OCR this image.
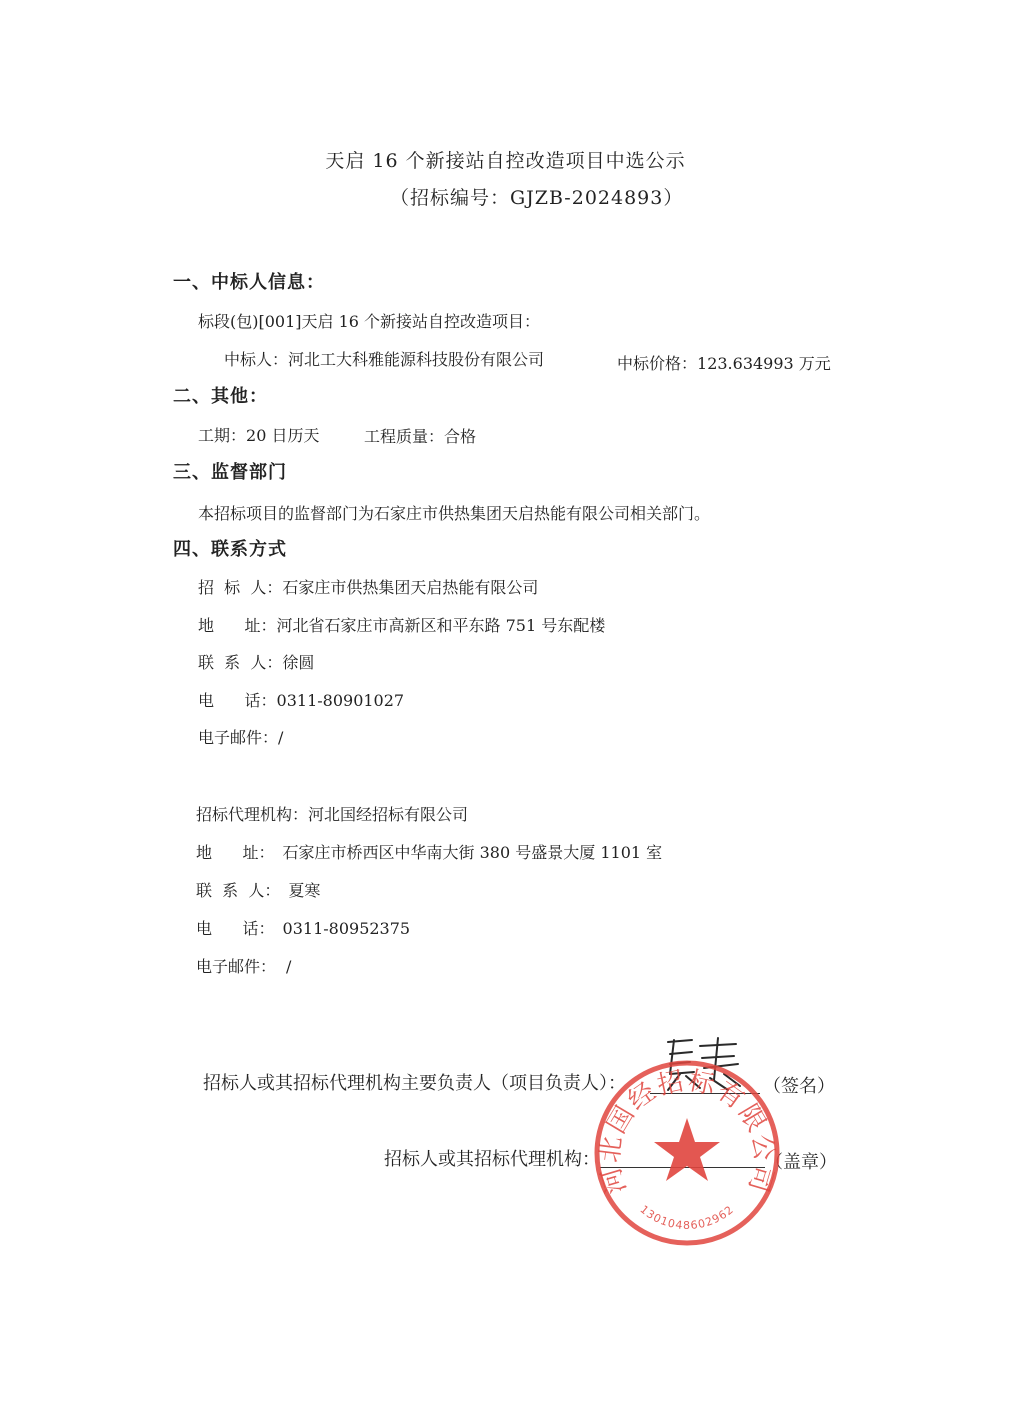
天启 16 个新接站自控改造项目中选公示
（招标编号：GJZB-2024893）
一、中标人信息：
标段(包)[001]天启 16 个新接站自控改造项目：
中标人：河北工大科雅能源科技股份有限公司	中标价格：123.634993 万元
二、其他：
工期：20 日历天	工程质量：合格
三、监督部门
本招标项目的监督部门为石家庄市供热集团天启热能有限公司相关部门。
四、联系方式
招  标  人：石家庄市供热集团天启热能有限公司
地      址：河北省石家庄市高新区和平东路 751 号东配楼
联  系  人：徐圆
电      话：0311-80901027
电子邮件：/
招标代理机构：河北国经招标有限公司
地      址： 石家庄市桥西区中华南大街 380 号盛景大厦 1101 室
联  系  人： 夏寒
电      话： 0311-80952375
电子邮件： /
招标人或其招标代理机构主要负责人（项目负责人）：	（签名）
招标人或其招标代理机构：	（盖章）
河北国经招标有限公司
1301048602962
